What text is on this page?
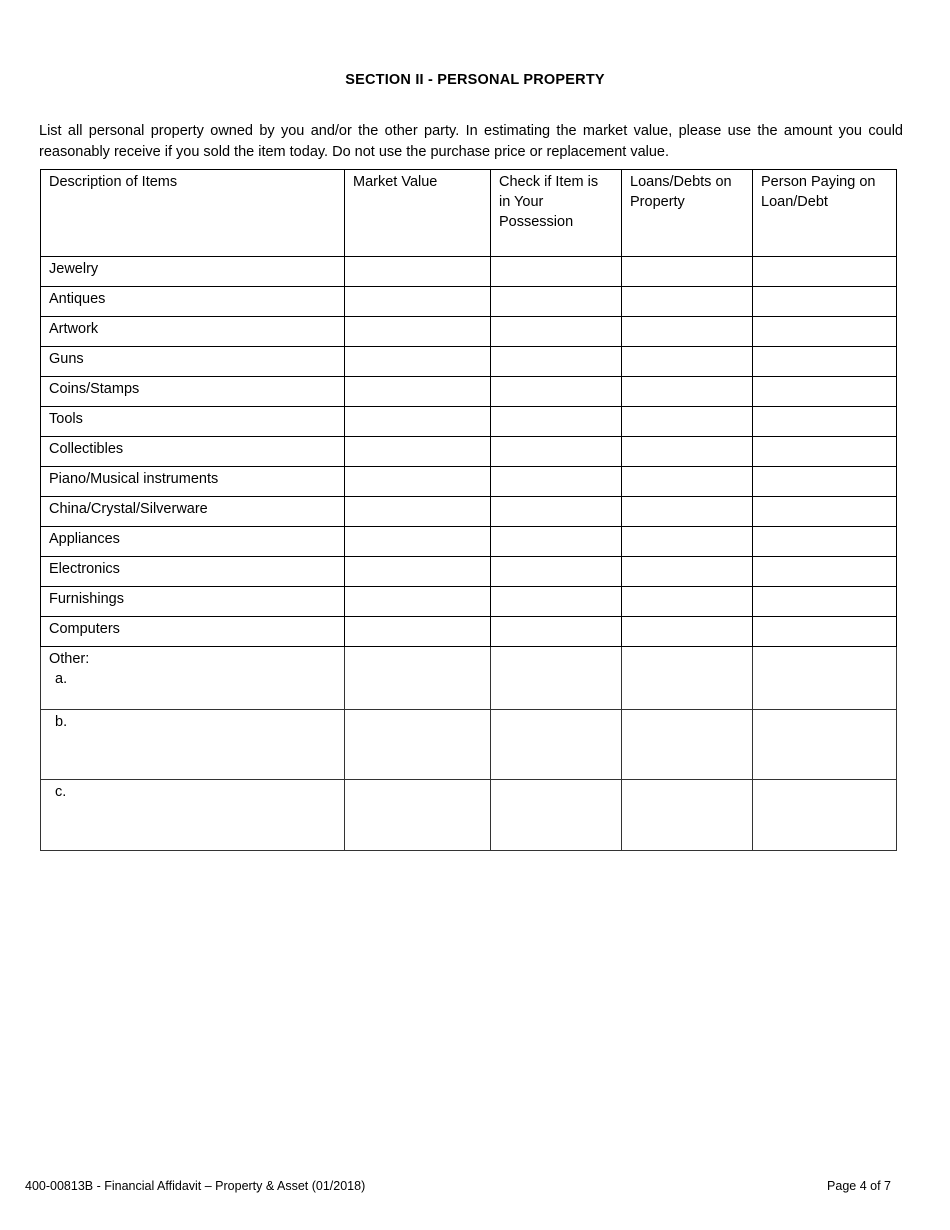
SECTION II - PERSONAL PROPERTY

List all personal property owned by you and/or the other party. In estimating the market value, please use the amount you could reasonably receive if you sold the item today. Do not use the purchase price or replacement value.

Description of Items	Market Value	Check if Item is in Your Possession	Loans/Debts on Property	Person Paying on Loan/Debt
Jewelry				
Antiques				
Artwork				
Guns				
Coins/Stamps				
Tools				
Collectibles				
Piano/Musical instruments				
China/Crystal/Silverware				
Appliances				
Electronics				
Furnishings				
Computers				
Other:
a.				

b.				

c.				

400-00813B - Financial Affidavit – Property & Asset (01/2018)	Page 4 of 7
